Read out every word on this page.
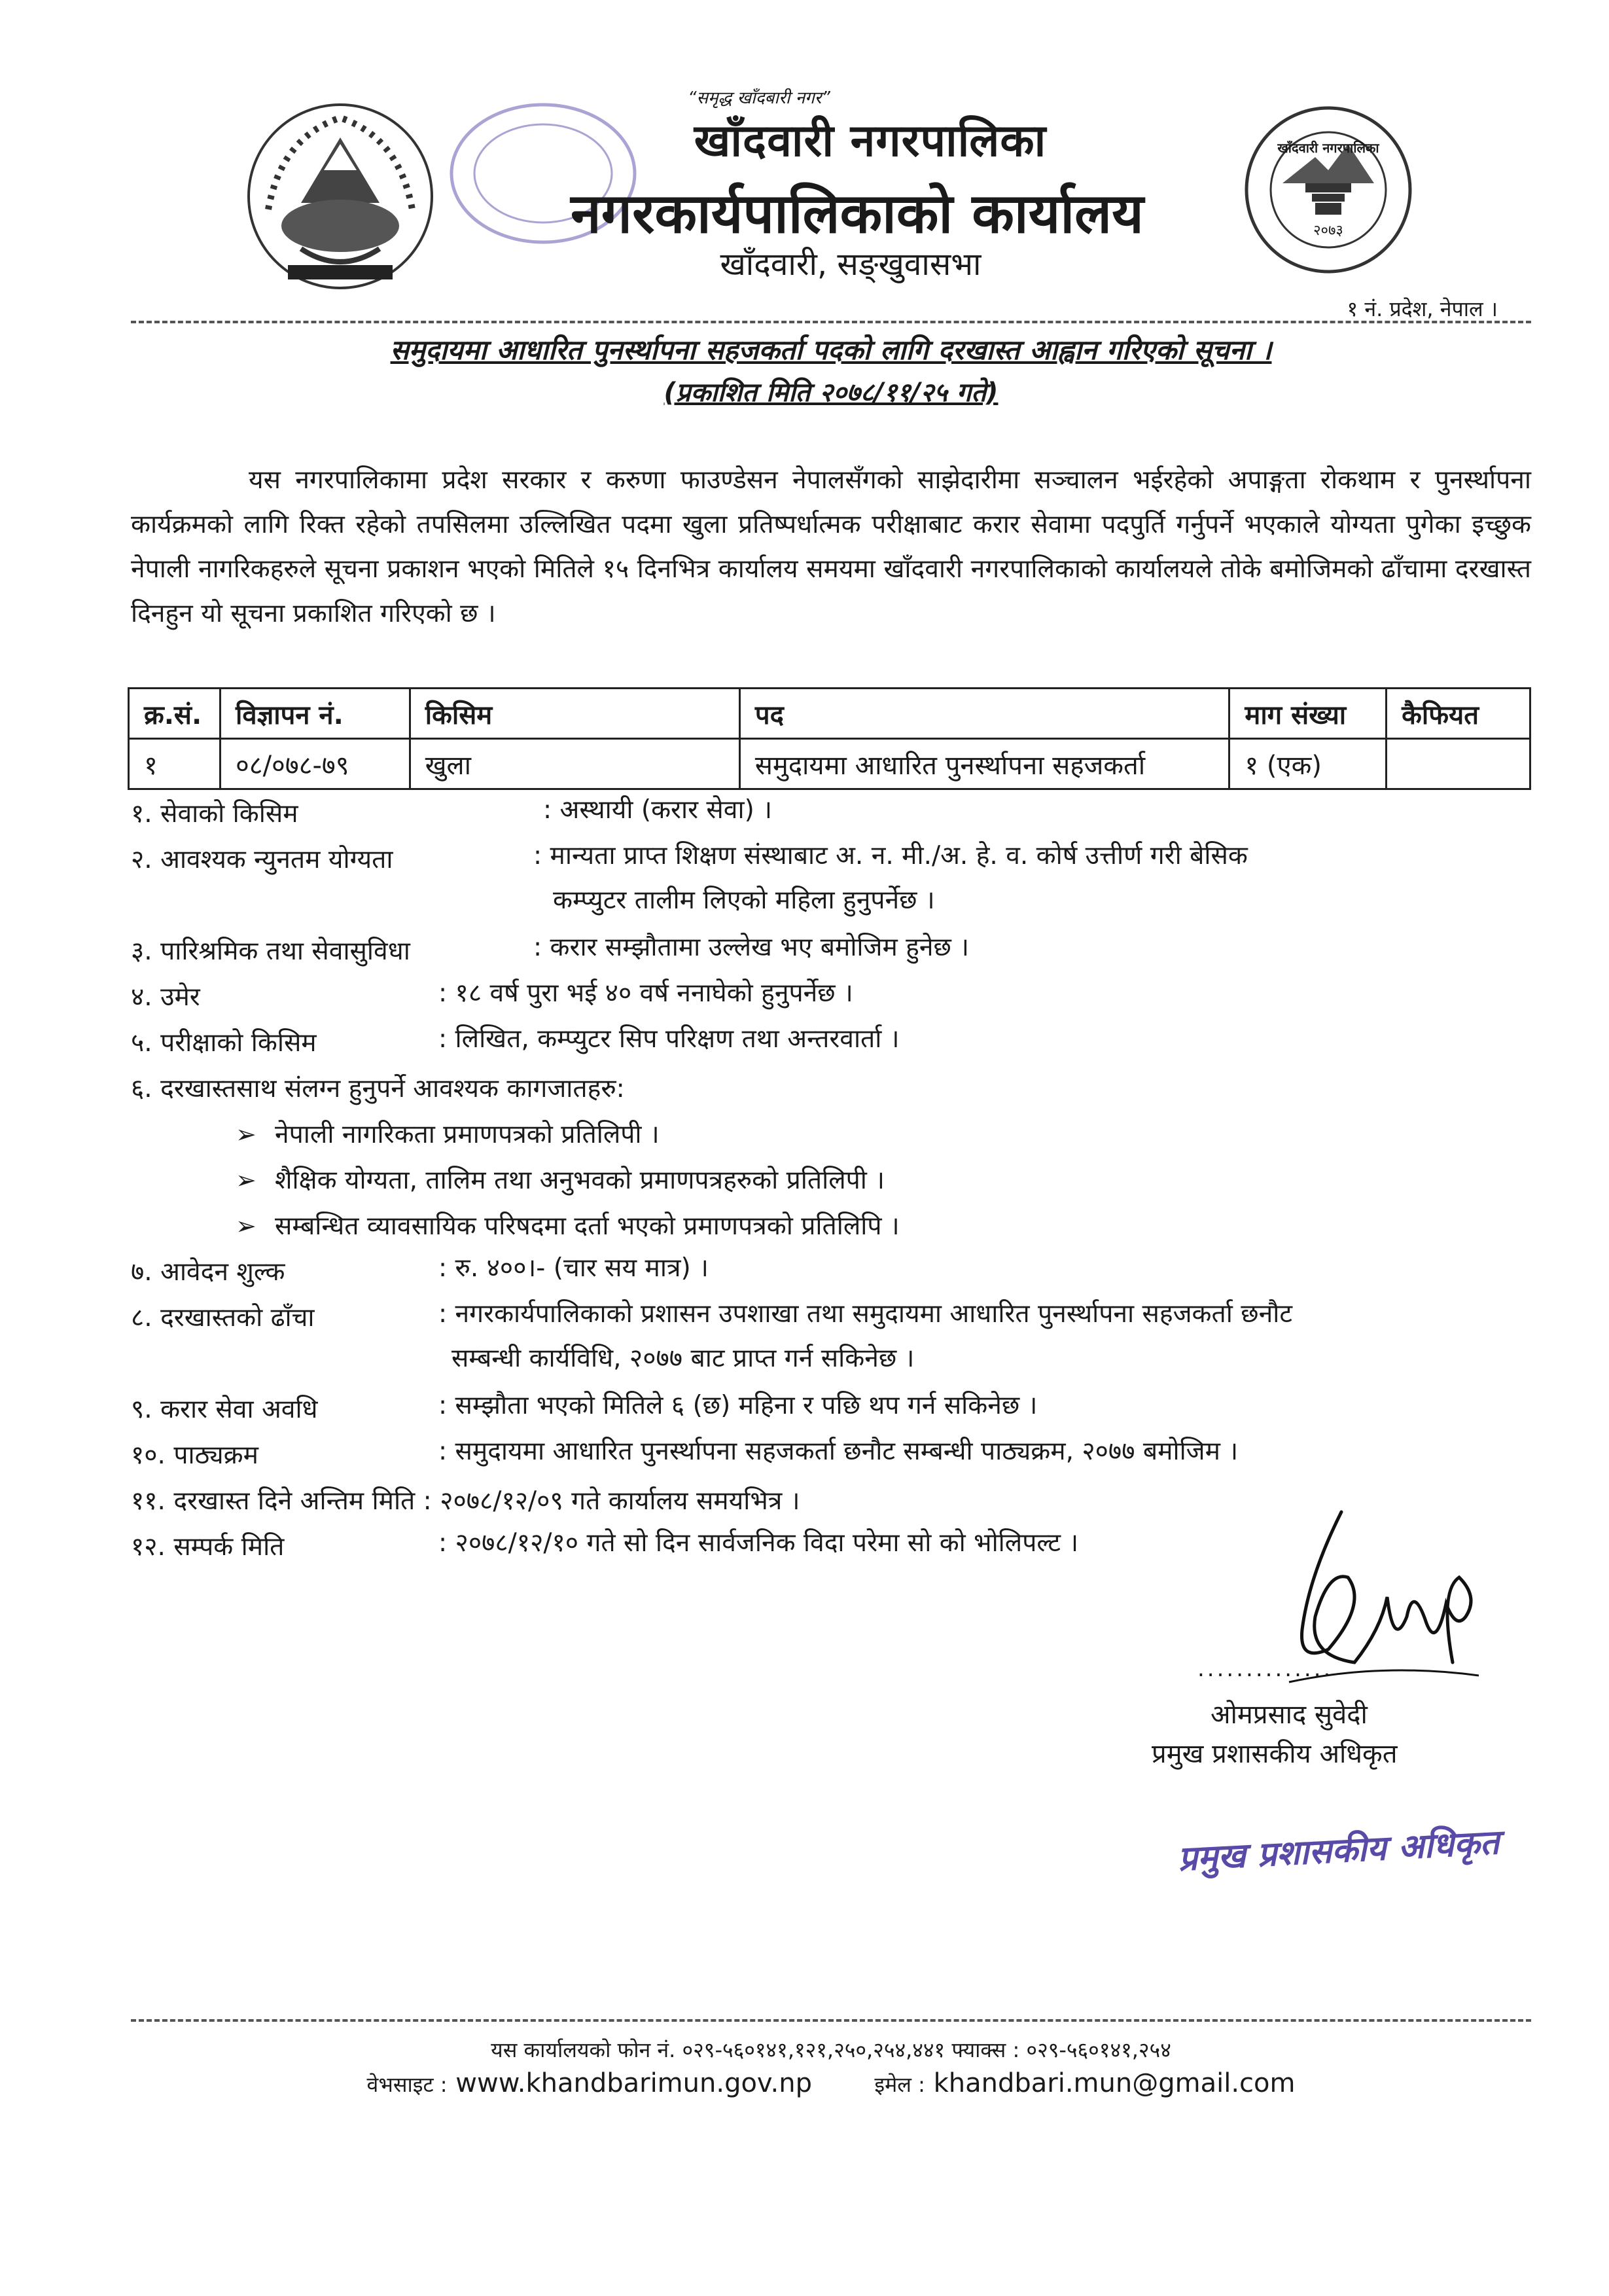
“समृद्ध खाँदबारी नगर”
खाँदवारी नगरपालिका
नगरकार्यपालिकाको कार्यालय
खाँदवारी, सङ्‌खुवासभा
२०७३
खाँदवारी नगरपालिका
१ नं. प्रदेश, नेपाल ।
समुदायमा आधारित पुनर्स्थापना सहजकर्ता पदको लागि दरखास्त आह्वान गरिएको सूचना ।
(प्रकाशित मिति २०७८/११/२५ गते)
यस नगरपालिकामा प्रदेश सरकार र करुणा फाउण्डेसन नेपालसँगको साझेदारीमा सञ्चालन भईरहेको अपाङ्गता रोकथाम र पुनर्स्थापना कार्यक्रमको लागि रिक्त रहेको तपसिलमा उल्लिखित पदमा खुला प्रतिष्पर्धात्मक परीक्षाबाट करार सेवामा पदपुर्ति गर्नुपर्ने भएकाले योग्यता पुगेका इच्छुक नेपाली नागरिकहरुले सूचना प्रकाशन भएको मितिले १५ दिनभित्र कार्यालय समयमा खाँदवारी नगरपालिकाको कार्यालयले तोके बमोजिमको ढाँचामा दरखास्त दिनहुन यो सूचना प्रकाशित गरिएको छ ।
क्र.सं.	विज्ञापन नं.	किसिम	पद	माग संख्या	कैफियत
१	०८/०७८-७९	खुला	समुदायमा आधारित पुनर्स्थापना सहजकर्ता	१ (एक)	
१. सेवाको किसिम	: अस्थायी (करार सेवा) ।
२. आवश्यक न्युनतम योग्यता	: मान्यता प्राप्त शिक्षण संस्थाबाट अ. न. मी./अ. हे. व. कोर्ष उत्तीर्ण गरी बेसिक
कम्प्युटर तालीम लिएको महिला हुनुपर्नेछ ।
३. पारिश्रमिक तथा सेवासुविधा	: करार सम्झौतामा उल्लेख भए बमोजिम हुनेछ ।
४. उमेर	: १८ वर्ष पुरा भई ४० वर्ष ननाघेको हुनुपर्नेछ ।
५. परीक्षाको किसिम	: लिखित, कम्प्युटर सिप परिक्षण तथा अन्तरवार्ता ।
६. दरखास्तसाथ संलग्न हुनुपर्ने आवश्यक कागजातहरु:
➢ नेपाली नागरिकता प्रमाणपत्रको प्रतिलिपी ।
➢ शैक्षिक योग्यता, तालिम तथा अनुभवको प्रमाणपत्रहरुको प्रतिलिपी ।
➢ सम्बन्धित व्यावसायिक परिषदमा दर्ता भएको प्रमाणपत्रको प्रतिलिपि ।
७. आवेदन शुल्क	: रु. ४००।- (चार सय मात्र) ।
८. दरखास्तको ढाँचा	: नगरकार्यपालिकाको प्रशासन उपशाखा तथा समुदायमा आधारित पुनर्स्थापना सहजकर्ता छनौट
सम्बन्धी कार्यविधि, २०७७ बाट प्राप्त गर्न सकिनेछ ।
९. करार सेवा अवधि	: सम्झौता भएको मितिले ६ (छ) महिना र पछि थप गर्न सकिनेछ ।
१०. पाठ्यक्रम	: समुदायमा आधारित पुनर्स्थापना सहजकर्ता छनौट सम्बन्धी पाठ्यक्रम, २०७७ बमोजिम ।
११. दरखास्त दिने अन्तिम मिति : २०७८/१२/०९ गते कार्यालय समयभित्र ।
१२. सम्पर्क मिति	: २०७८/१२/१० गते सो दिन सार्वजनिक विदा परेमा सो को भोलिपल्ट ।
..............
ओमप्रसाद सुवेदी
प्रमुख प्रशासकीय अधिकृत
प्रमुख प्रशासकीय अधिकृत
यस कार्यालयको फोन नं. ०२९-५६०१४१,१२१,२५०,२५४,४४१ फ्याक्स : ०२९-५६०१४१,२५४
वेभसाइट : www.khandbarimun.gov.np	इमेल : khandbari.mun@gmail.com
